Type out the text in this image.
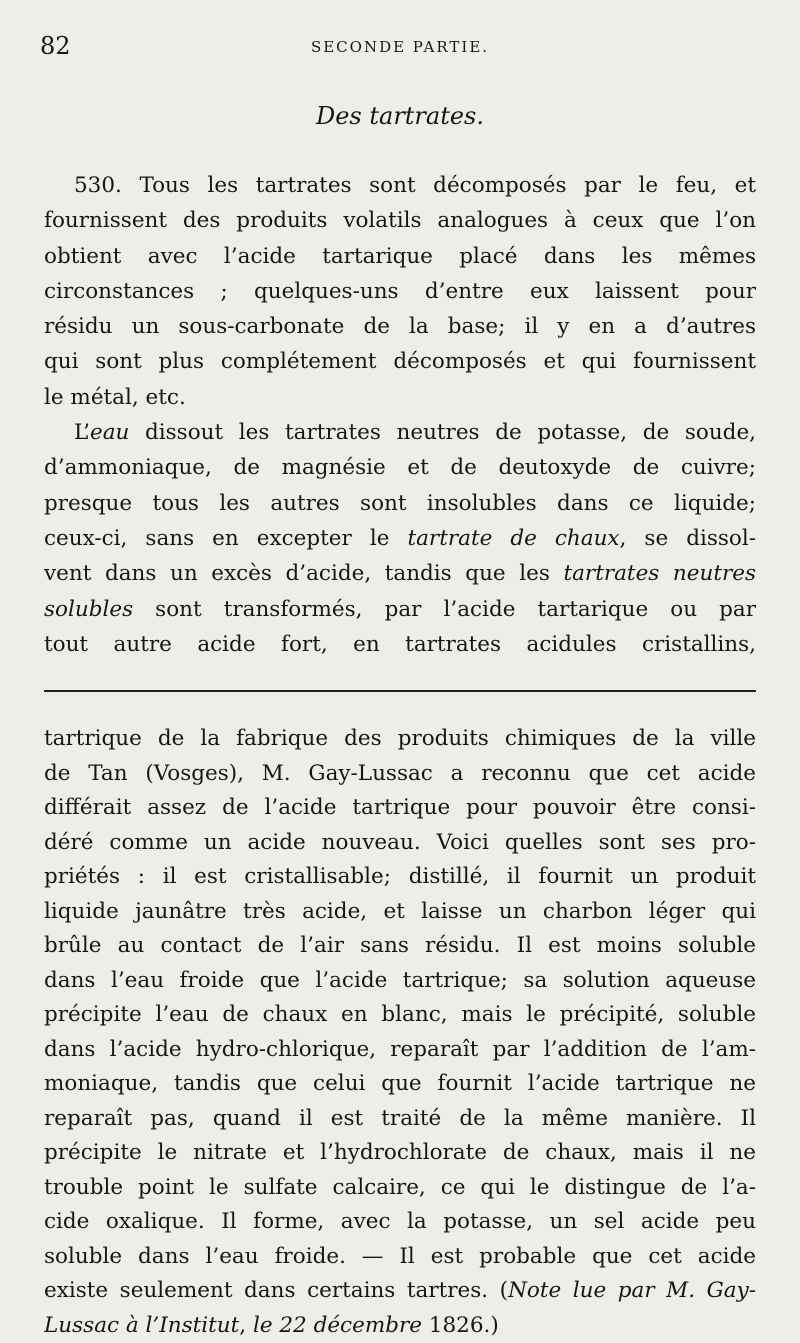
82	SECONDE PARTIE.
Des tartrates.
530. Tous les tartrates sont décomposés par le feu, et
fournissent des produits volatils analogues à ceux que l’on
obtient avec l’acide tartarique placé dans les mêmes
circonstances ; quelques-uns d’entre eux laissent pour
résidu un sous-carbonate de la base; il y en a d’autres
qui sont plus complétement décomposés et qui fournissent
le métal, etc.
L’eau dissout les tartrates neutres de potasse, de soude,
d’ammoniaque, de magnésie et de deutoxyde de cuivre;
presque tous les autres sont insolubles dans ce liquide;
ceux-ci, sans en excepter le tartrate de chaux, se dissol-
vent dans un excès d’acide, tandis que les tartrates neutres
solubles sont transformés, par l’acide tartarique ou par
tout autre acide fort, en tartrates acidules cristallins,
tartrique de la fabrique des produits chimiques de la ville
de Tan (Vosges), M. Gay-Lussac a reconnu que cet acide
différait assez de l’acide tartrique pour pouvoir être consi-
déré comme un acide nouveau. Voici quelles sont ses pro-
priétés : il est cristallisable; distillé, il fournit un produit
liquide jaunâtre très acide, et laisse un charbon léger qui
brûle au contact de l’air sans résidu. Il est moins soluble
dans l’eau froide que l’acide tartrique; sa solution aqueuse
précipite l’eau de chaux en blanc, mais le précipité, soluble
dans l’acide hydro-chlorique, reparaît par l’addition de l’am-
moniaque, tandis que celui que fournit l’acide tartrique ne
reparaît pas, quand il est traité de la même manière. Il
précipite le nitrate et l’hydrochlorate de chaux, mais il ne
trouble point le sulfate calcaire, ce qui le distingue de l’a-
cide oxalique. Il forme, avec la potasse, un sel acide peu
soluble dans l’eau froide. — Il est probable que cet acide
existe seulement dans certains tartres. (Note lue par M. Gay-
Lussac à l’Institut, le 22 décembre 1826.)
